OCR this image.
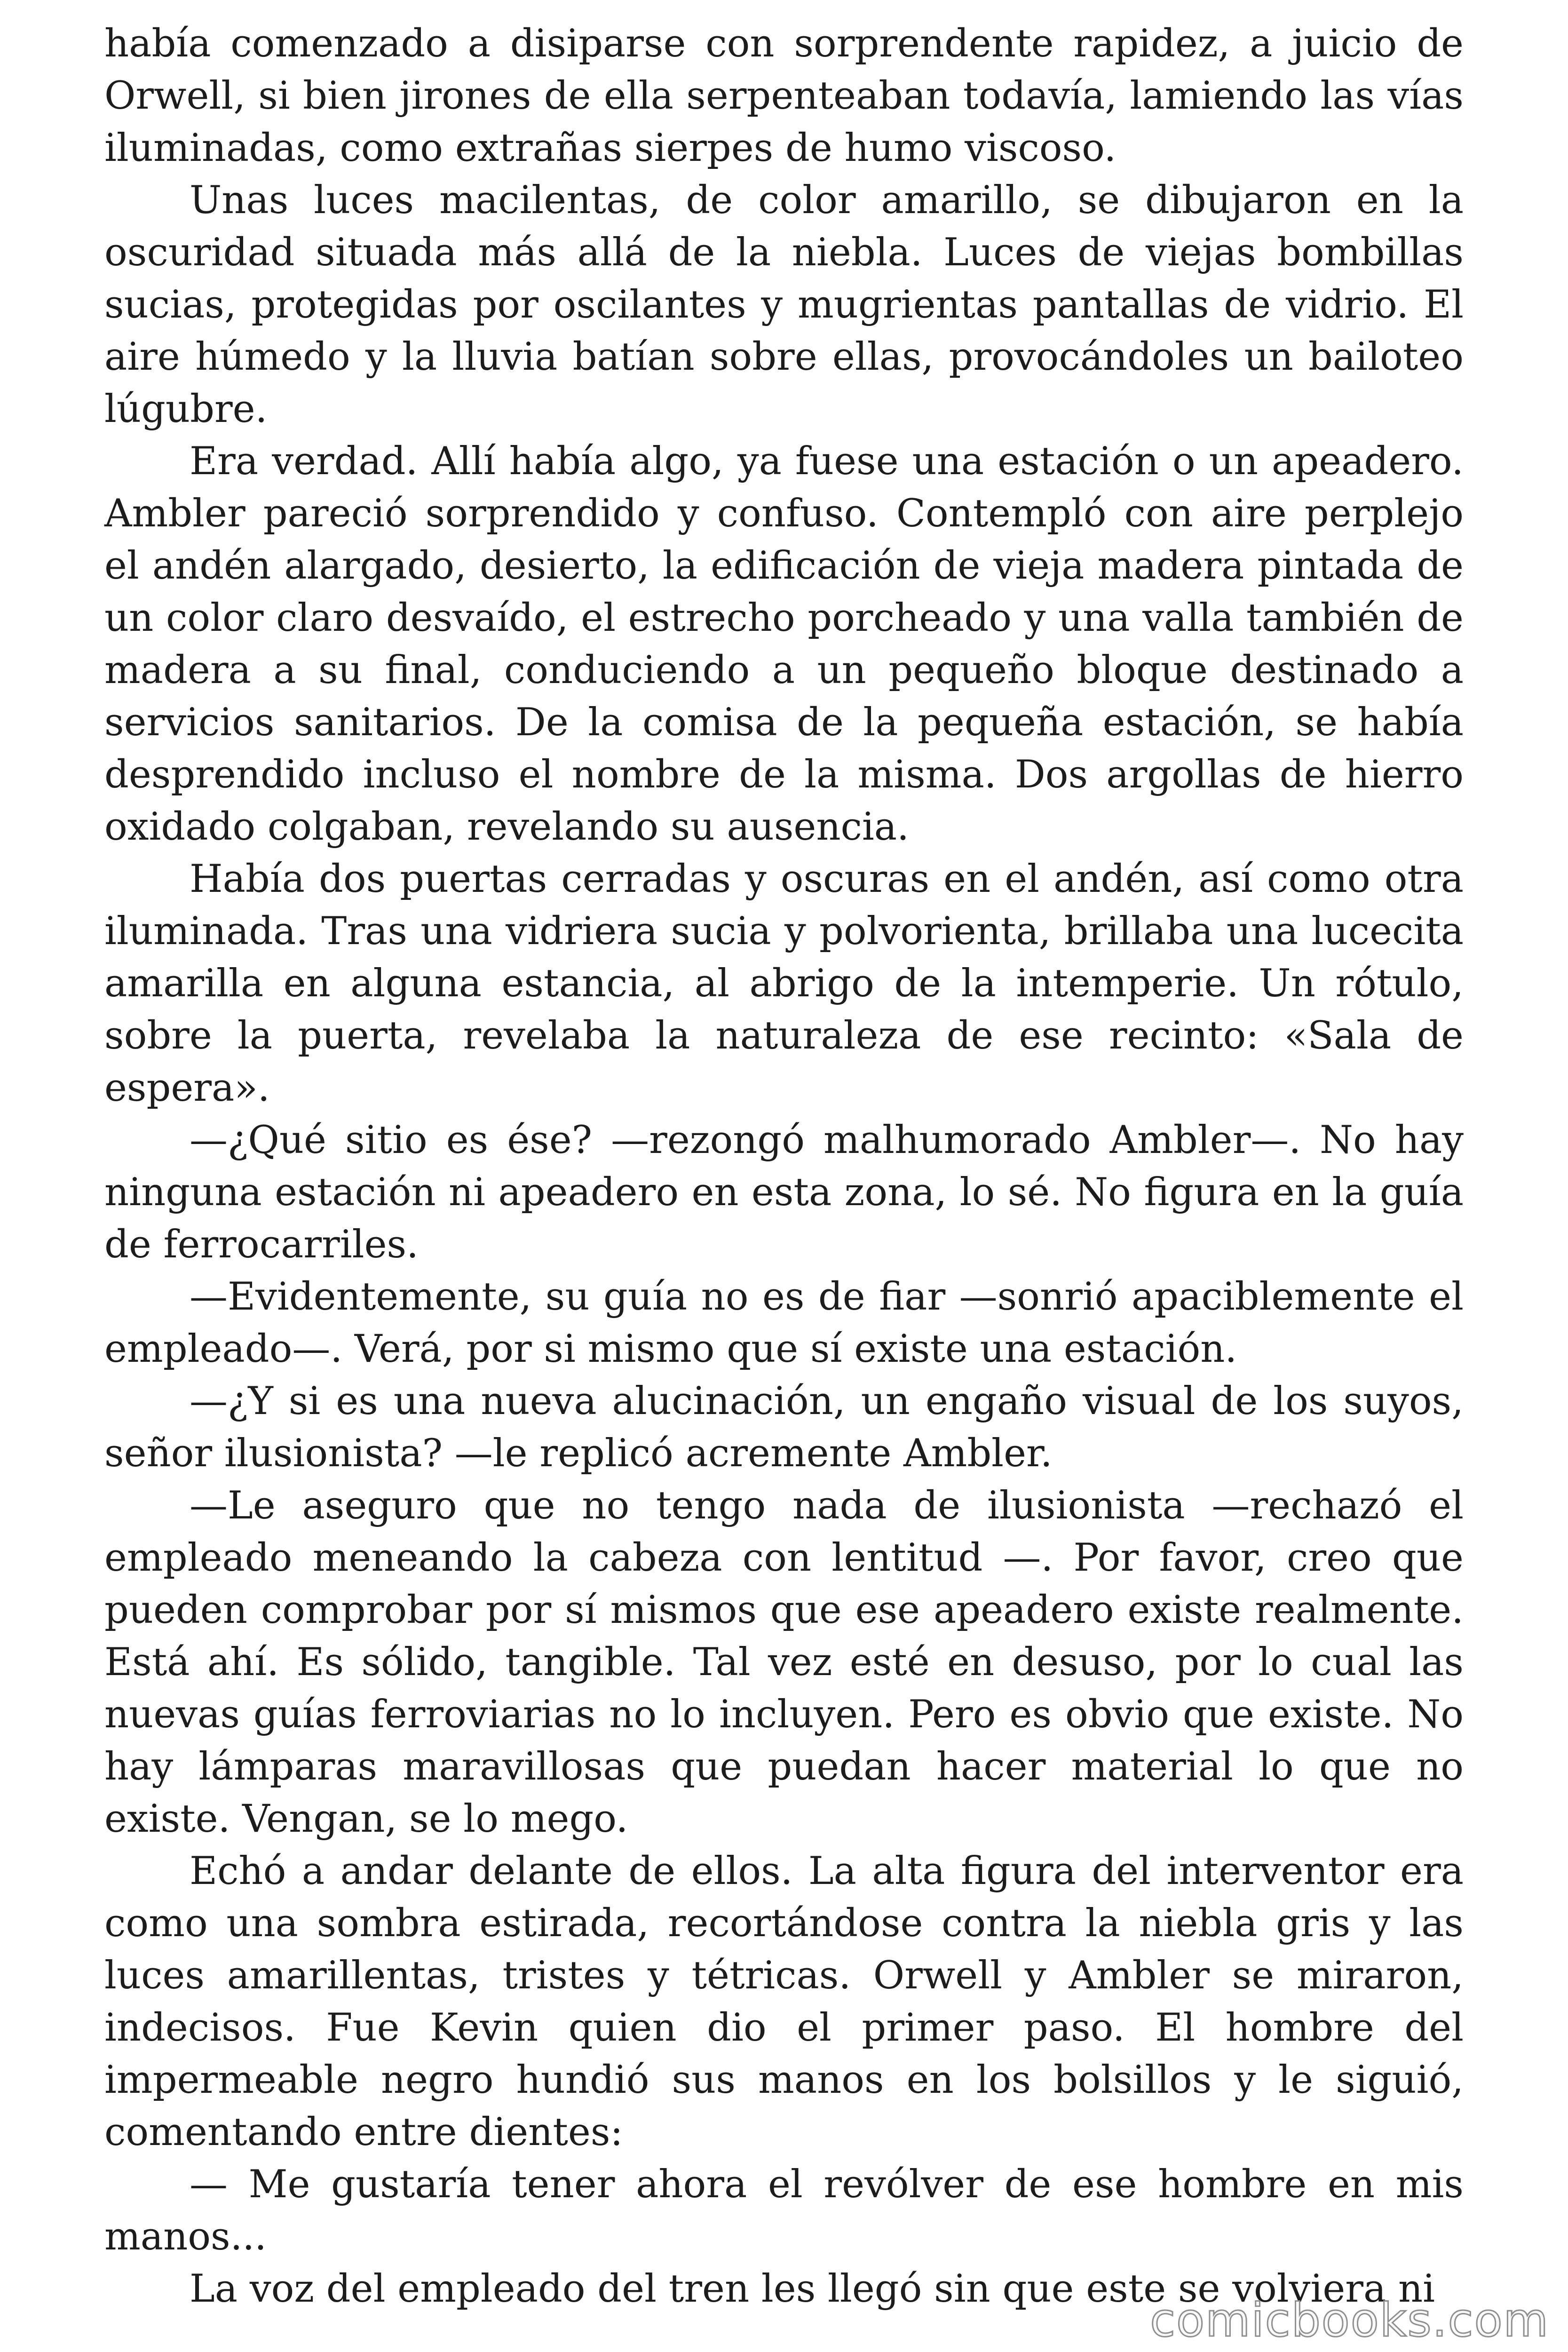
había comenzado a disiparse con sorprendente rapidez, a juicio de Orwell, si bien jirones de ella serpenteaban todavía, lamiendo las vías iluminadas, como extrañas sierpes de humo viscoso.

Unas luces macilentas, de color amarillo, se dibujaron en la oscuridad situada más allá de la niebla. Luces de viejas bombillas sucias, protegidas por oscilantes y mugrientas pantallas de vidrio. El aire húmedo y la lluvia batían sobre ellas, provocándoles un bailoteo lúgubre.

Era verdad. Allí había algo, ya fuese una estación o un apeadero. Ambler pareció sorprendido y confuso. Contempló con aire perplejo el andén alargado, desierto, la edificación de vieja madera pintada de un color claro desvaído, el estrecho porcheado y una valla también de madera a su final, conduciendo a un pequeño bloque destinado a servicios sanitarios. De la comisa de la pequeña estación, se había desprendido incluso el nombre de la misma. Dos argollas de hierro oxidado colgaban, revelando su ausencia.

Había dos puertas cerradas y oscuras en el andén, así como otra iluminada. Tras una vidriera sucia y polvorienta, brillaba una lucecita amarilla en alguna estancia, al abrigo de la intemperie. Un rótulo, sobre la puerta, revelaba la naturaleza de ese recinto: «Sala de espera».

—¿Qué sitio es ése? —rezongó malhumorado Ambler—. No hay ninguna estación ni apeadero en esta zona, lo sé. No figura en la guía de ferrocarriles.

—Evidentemente, su guía no es de fiar —sonrió apaciblemente el empleado—. Verá, por si mismo que sí existe una estación.

—¿Y si es una nueva alucinación, un engaño visual de los suyos, señor ilusionista? —le replicó acremente Ambler.

—Le aseguro que no tengo nada de ilusionista —rechazó el empleado meneando la cabeza con lentitud —. Por favor, creo que pueden comprobar por sí mismos que ese apeadero existe realmente. Está ahí. Es sólido, tangible. Tal vez esté en desuso, por lo cual las nuevas guías ferroviarias no lo incluyen. Pero es obvio que existe. No hay lámparas maravillosas que puedan hacer material lo que no existe. Vengan, se lo mego.

Echó a andar delante de ellos. La alta figura del interventor era como una sombra estirada, recortándose contra la niebla gris y las luces amarillentas, tristes y tétricas. Orwell y Ambler se miraron, indecisos. Fue Kevin quien dio el primer paso. El hombre del impermeable negro hundió sus manos en los bolsillos y le siguió, comentando entre dientes:

— Me gustaría tener ahora el revólver de ese hombre en mis manos...

La voz del empleado del tren les llegó sin que este se volviera ni

comicbooks.com
